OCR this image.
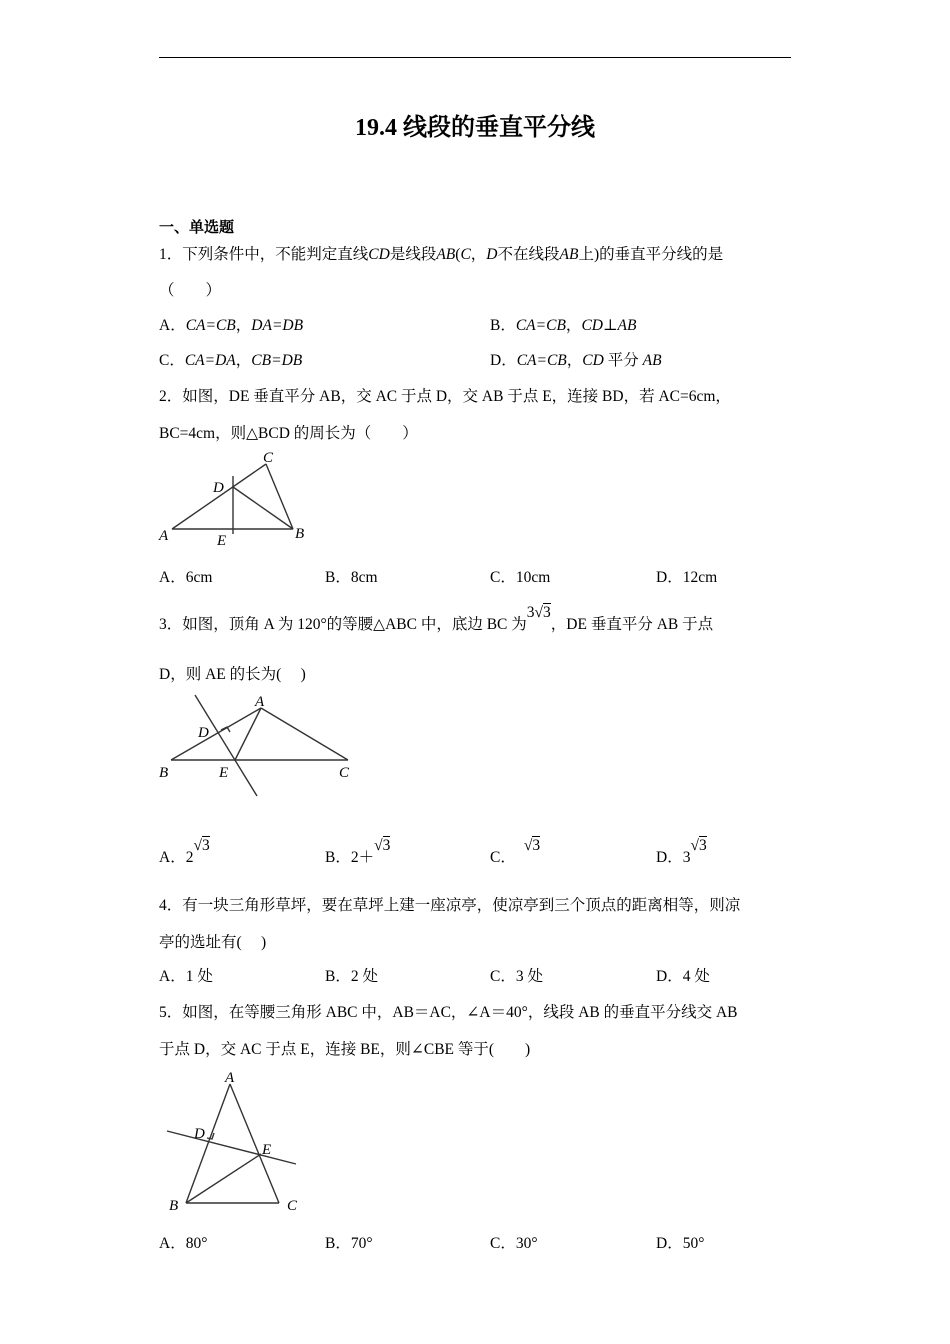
19.4 线段的垂直平分线
一、单选题
1．下列条件中，不能判定直线CD是线段AB(C，D不在线段AB上)的垂直平分线的是
（　　）
A．CA=CB，DA=DB	B．CA=CB，CD⊥AB
C．CA=DA，CB=DB	D．CA=CB，CD 平分 AB
2．如图，DE 垂直平分 AB，交 AC 于点 D，交 AB 于点 E，连接 BD，若 AC=6cm，
BC=4cm，则△BCD 的周长为（　　）
A	B
C
D
E
A．6cm	B．8cm	C．10cm	D．12cm
3．如图，顶角 A 为 120°的等腰△ABC 中，底边 BC 为3√3，DE 垂直平分 AB 于点
D，则 AE 的长为(　 )
A
B	C
D
E
A．2√3
B．2＋√3
C．√3
D．3√3
4．有一块三角形草坪，要在草坪上建一座凉亭，使凉亭到三个顶点的距离相等，则凉
亭的选址有(　 )
A．1 处	B．2 处	C．3 处	D．4 处
5．如图，在等腰三角形 ABC 中，AB＝AC，∠A＝40°，线段 AB 的垂直平分线交 AB
于点 D，交 AC 于点 E，连接 BE，则∠CBE 等于(　　)
A
B	C
D
E
A．80°	B．70°	C．30°	D．50°
